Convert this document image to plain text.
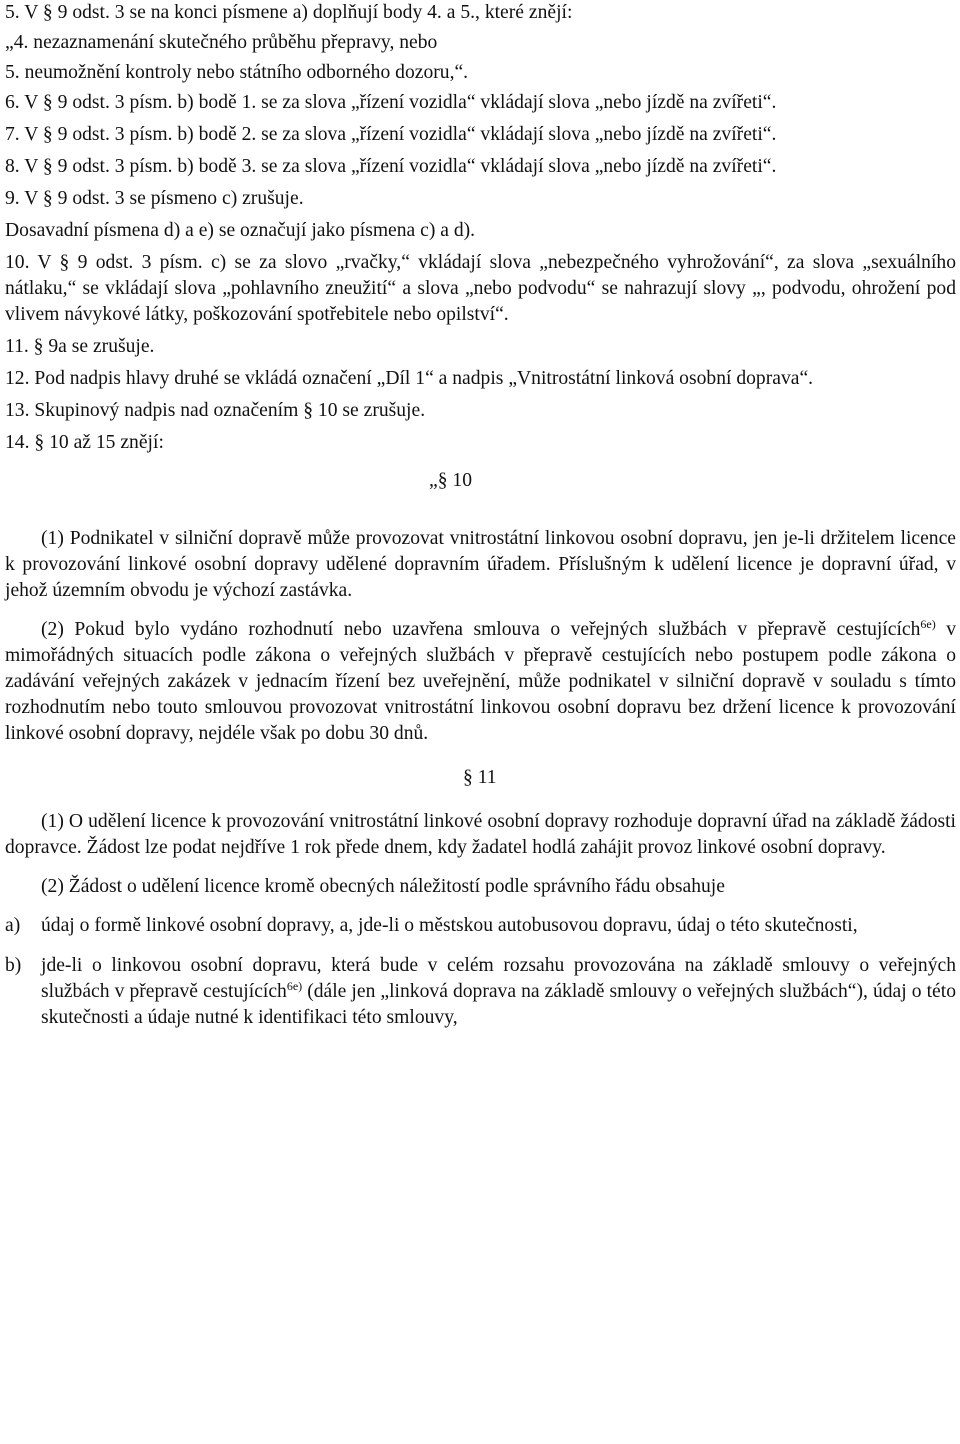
5. V § 9 odst. 3 se na konci písmene a) doplňují body 4. a 5., které znějí:

„4. nezaznamenání skutečného průběhu přepravy, nebo

5. neumožnění kontroly nebo státního odborného dozoru,“.

6. V § 9 odst. 3 písm. b) bodě 1. se za slova „řízení vozidla“ vkládají slova „nebo jízdě na zvířeti“.

7. V § 9 odst. 3 písm. b) bodě 2. se za slova „řízení vozidla“ vkládají slova „nebo jízdě na zvířeti“.

8. V § 9 odst. 3 písm. b) bodě 3. se za slova „řízení vozidla“ vkládají slova „nebo jízdě na zvířeti“.

9. V § 9 odst. 3 se písmeno c) zrušuje.

Dosavadní písmena d) a e) se označují jako písmena c) a d).

10. V § 9 odst. 3 písm. c) se za slovo „rvačky,“ vkládají slova „nebezpečného vyhrožování“, za slova „sexuálního nátlaku,“ se vkládají slova „pohlavního zneužití“ a slova „nebo podvodu“ se nahrazují slovy „, podvodu, ohrožení pod vlivem návykové látky, poškozování spotřebitele nebo opilství“.

11. § 9a se zrušuje.

12. Pod nadpis hlavy druhé se vkládá označení „Díl 1“ a nadpis „Vnitrostátní linková osobní doprava“.

13. Skupinový nadpis nad označením § 10 se zrušuje.

14. § 10 až 15 znějí:

„§ 10

(1) Podnikatel v silniční dopravě může provozovat vnitrostátní linkovou osobní dopravu, jen je-li držitelem licence k provozování linkové osobní dopravy udělené dopravním úřadem. Příslušným k udělení licence je dopravní úřad, v jehož územním obvodu je výchozí zastávka.

(2) Pokud bylo vydáno rozhodnutí nebo uzavřena smlouva o veřejných službách v přepravě cestujících$^{6e)}$ v mimořádných situacích podle zákona o veřejných službách v přepravě cestujících nebo postupem podle zákona o zadávání veřejných zakázek v jednacím řízení bez uveřejnění, může podnikatel v silniční dopravě v souladu s tímto rozhodnutím nebo touto smlouvou provozovat vnitrostátní linkovou osobní dopravu bez držení licence k provozování linkové osobní dopravy, nejdéle však po dobu 30 dnů.

§ 11

(1) O udělení licence k provozování vnitrostátní linkové osobní dopravy rozhoduje dopravní úřad na základě žádosti dopravce. Žádost lze podat nejdříve 1 rok přede dnem, kdy žadatel hodlá zahájit provoz linkové osobní dopravy.

(2) Žádost o udělení licence kromě obecných náležitostí podle správního řádu obsahuje

a)	údaj o formě linkové osobní dopravy, a, jde-li o městskou autobusovou dopravu, údaj o této skutečnosti,
b)	jde-li o linkovou osobní dopravu, která bude v celém rozsahu provozována na základě smlouvy o veřejných službách v přepravě cestujících$^{6e)}$ (dále jen „linková doprava na základě smlouvy o veřejných službách“), údaj o této skutečnosti a údaje nutné k identifikaci této smlouvy,
